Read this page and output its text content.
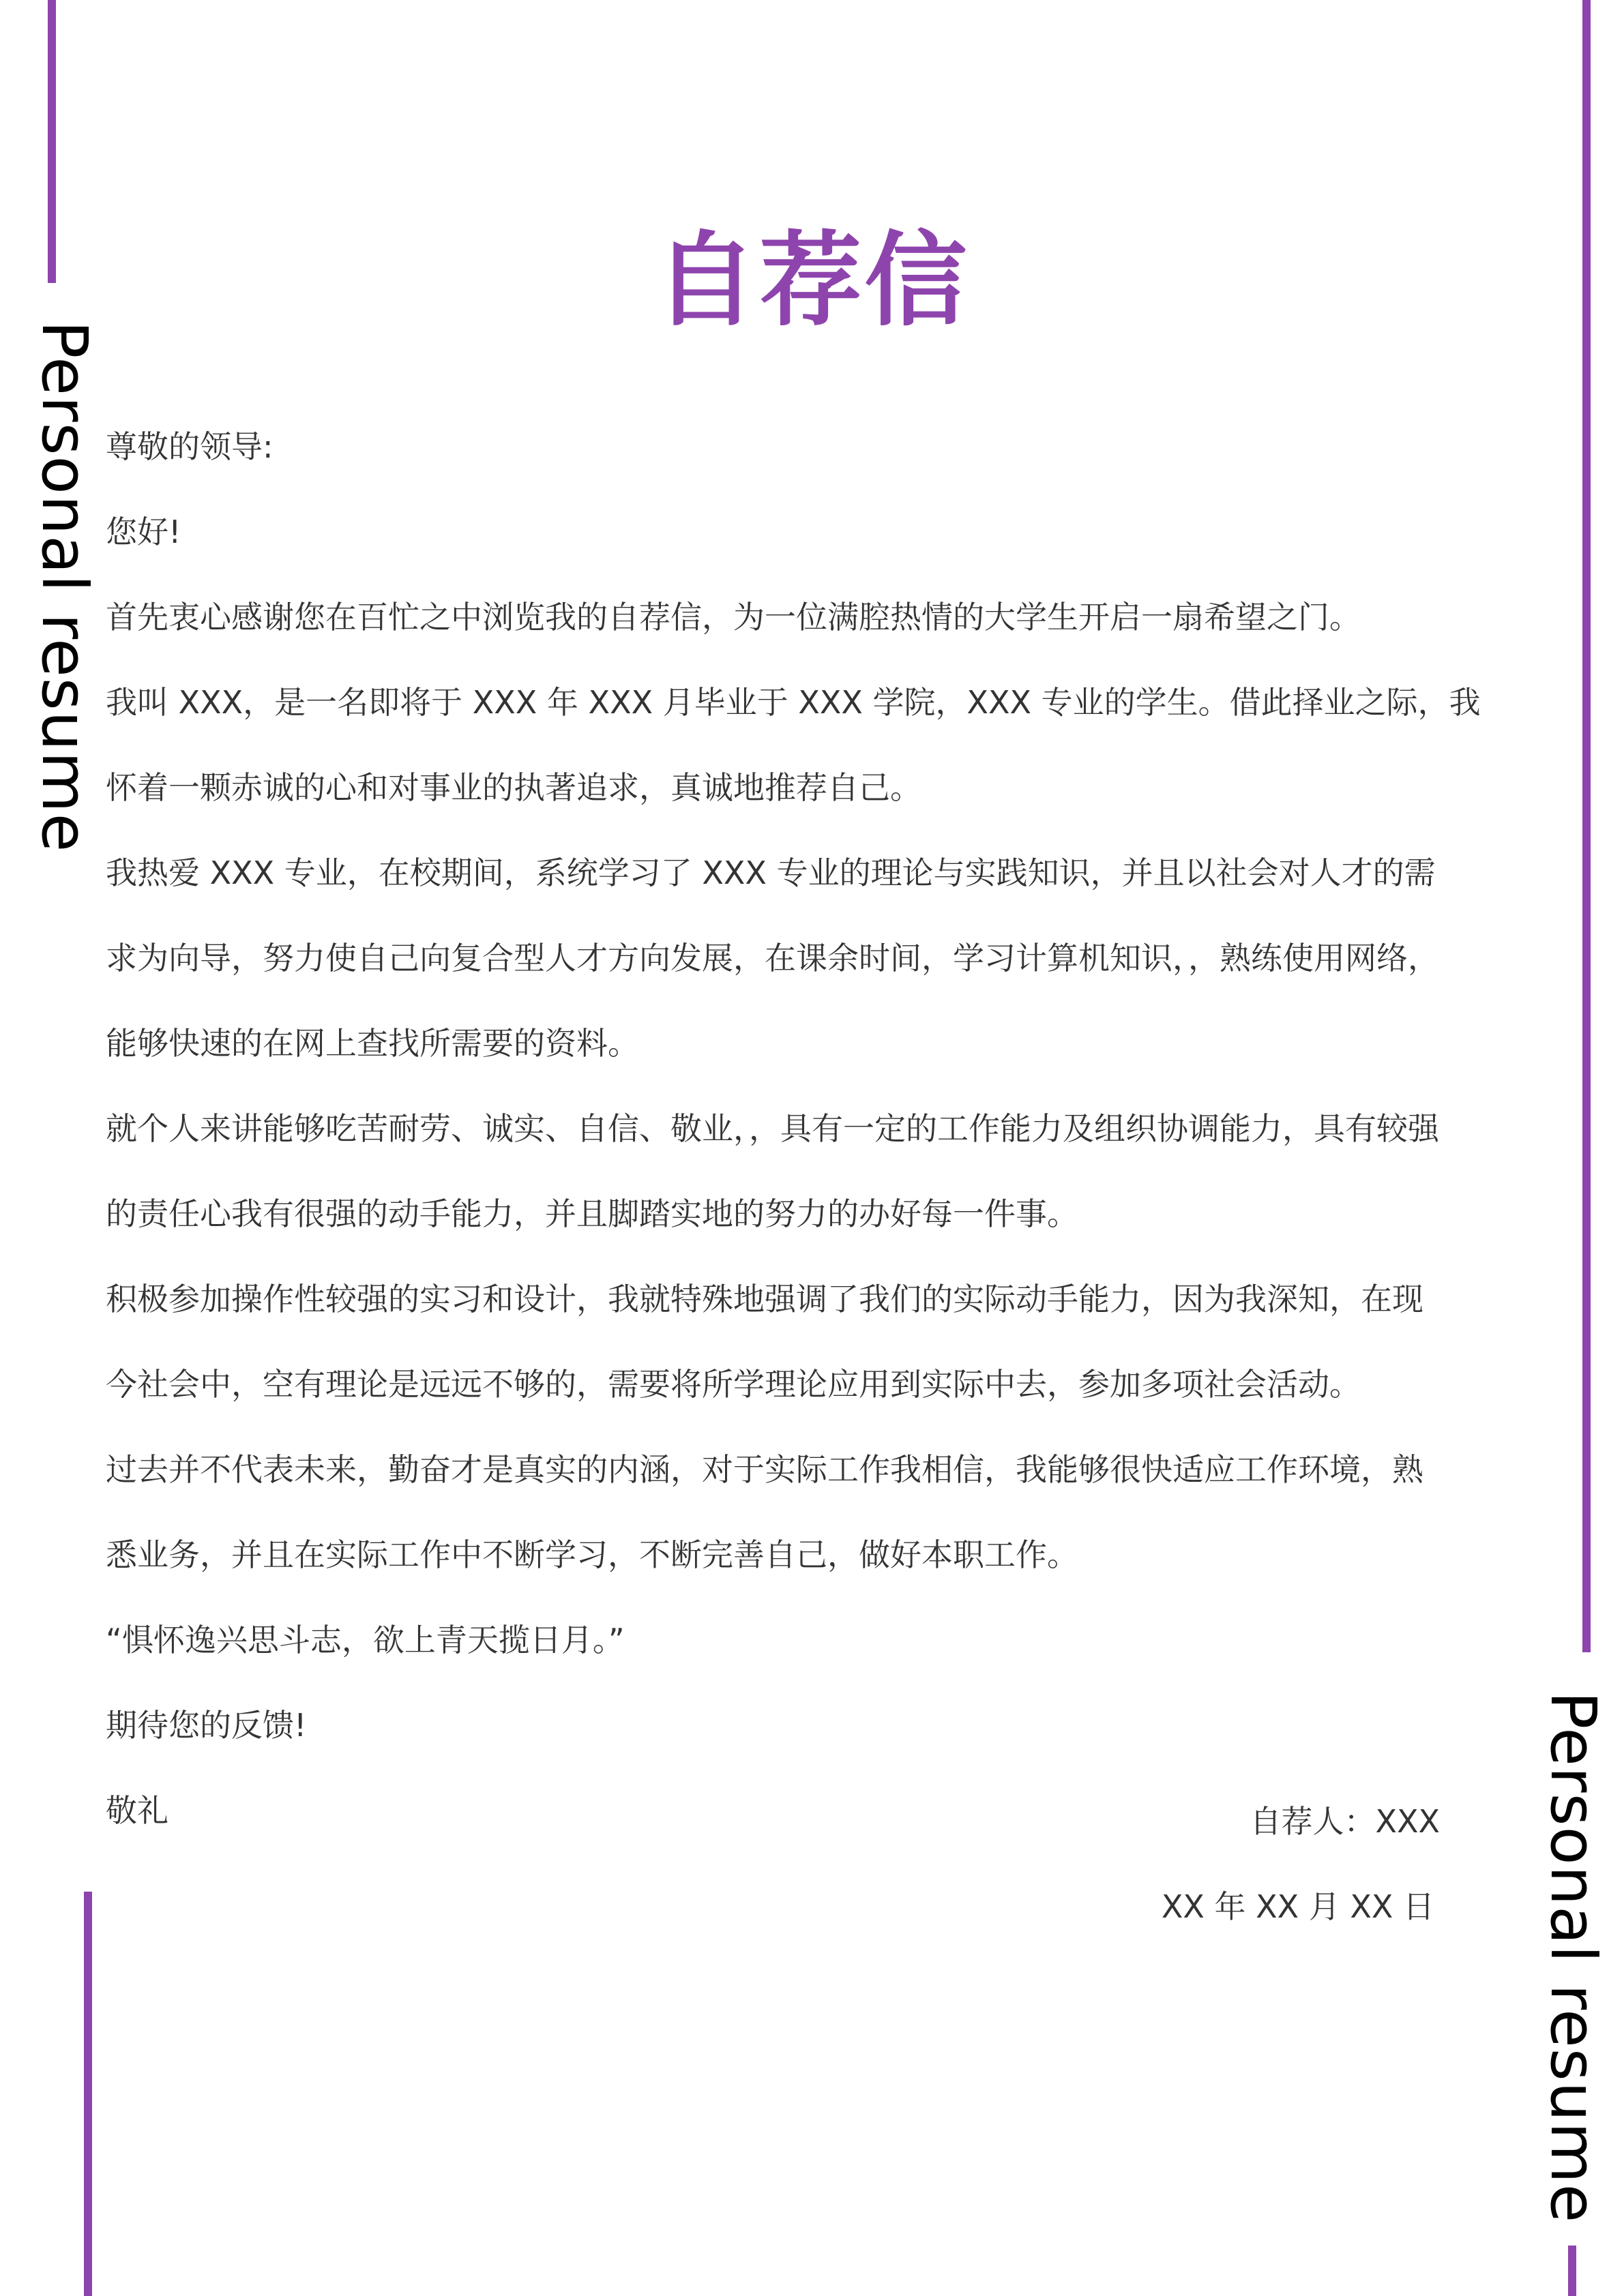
Personal resume
Personal resume
自荐信
尊敬的领导:
您好!
首先衷心感谢您在百忙之中浏览我的自荐信，为一位满腔热情的大学生开启一扇希望之门。
我叫 XXX，是一名即将于 XXX 年 XXX 月毕业于 XXX 学院，XXX 专业的学生。借此择业之际，我
怀着一颗赤诚的心和对事业的执著追求，真诚地推荐自己。
我热爱 XXX 专业，在校期间，系统学习了 XXX 专业的理论与实践知识，并且以社会对人才的需
求为向导，努力使自己向复合型人才方向发展，在课余时间，学习计算机知识，，熟练使用网络，
能够快速的在网上查找所需要的资料。
就个人来讲能够吃苦耐劳、诚实、自信、敬业，，具有一定的工作能力及组织协调能力，具有较强
的责任心我有很强的动手能力，并且脚踏实地的努力的办好每一件事。
积极参加操作性较强的实习和设计，我就特殊地强调了我们的实际动手能力，因为我深知，在现
今社会中，空有理论是远远不够的，需要将所学理论应用到实际中去，参加多项社会活动。
过去并不代表未来，勤奋才是真实的内涵，对于实际工作我相信，我能够很快适应工作环境，熟
悉业务，并且在实际工作中不断学习，不断完善自己，做好本职工作。
“惧怀逸兴思斗志，欲上青天揽日月。”
期待您的反馈!
敬礼	自荐人：XXX
XX 年 XX 月 XX 日
